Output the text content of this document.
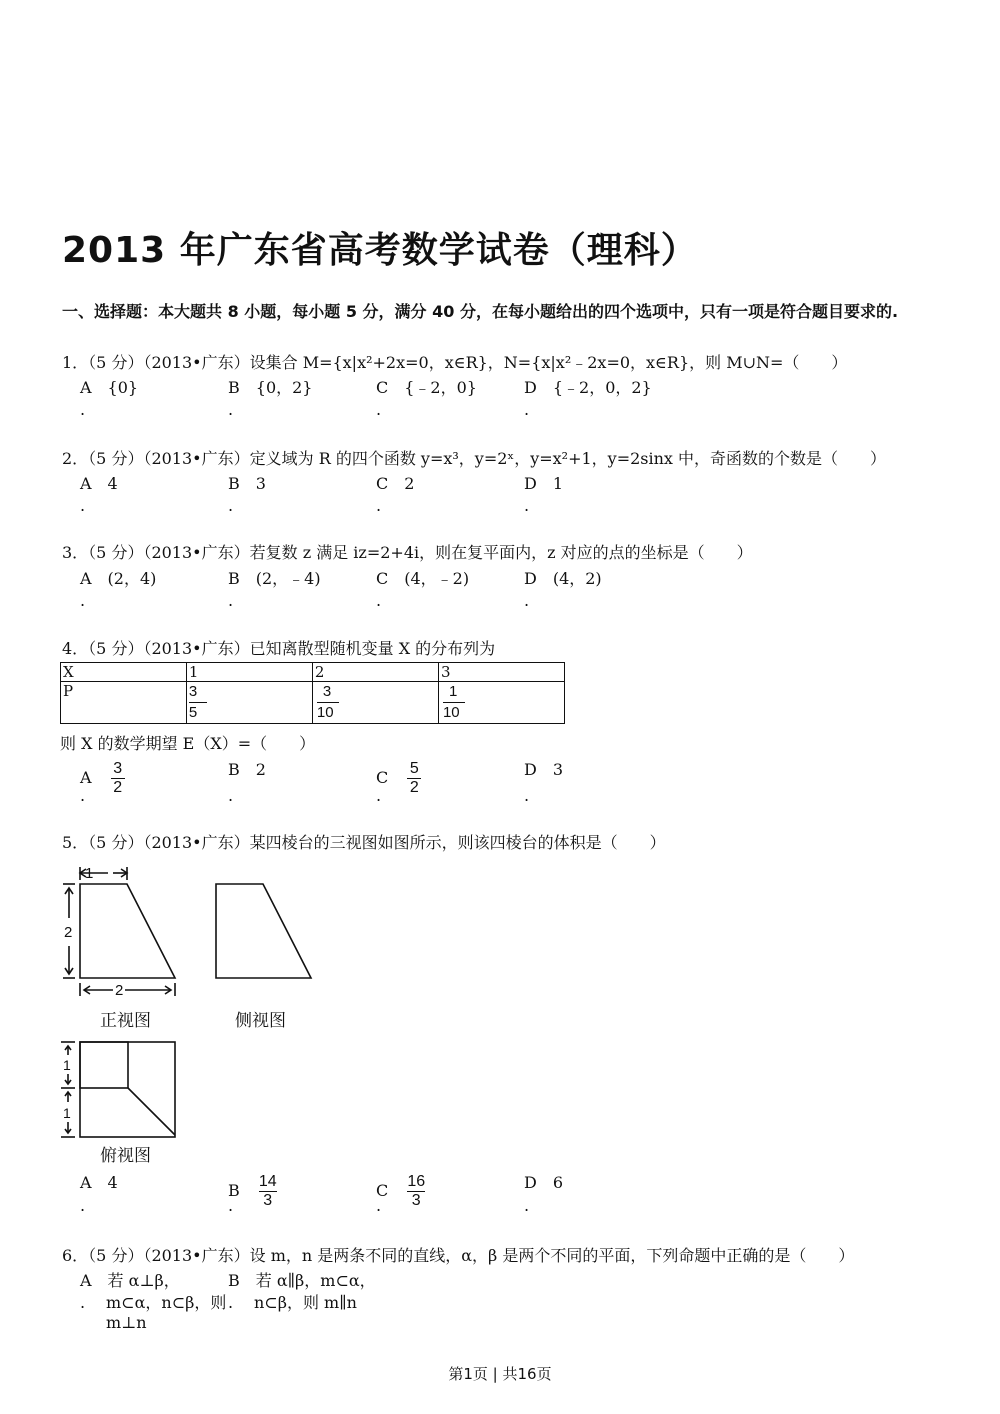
2013 年广东省高考数学试卷（理科）

一、选择题：本大题共 8 小题，每小题 5 分，满分 40 分，在每小题给出的四个选项中，只有一项是符合题目要求的.

1．（5 分）（2013•广东）设集合 M={x|x²+2x=0，x∈R}，N={x|x²﹣2x=0，x∈R}，则 M∪N=（　　）
A　{0}	B　{0，2}	C　{﹣2，0}	D　{﹣2，0，2}
.	.	.	.
2．（5 分）（2013•广东）定义域为 R 的四个函数 y=x³，y=2ˣ，y=x²+1，y=2sinx 中，奇函数的个数是（　　）
A　4	B　3	C　2	D　1
.	.	.	.
3．（5 分）（2013•广东）若复数 z 满足 iz=2+4i，则在复平面内，z 对应的点的坐标是（　　）
A　(2，4)	B　(2，﹣4)	C　(4，﹣2)	D　(4，2)
.	.	.	.
4．（5 分）（2013•广东）已知离散型随机变量 X 的分布列为
X	1	2	3
P	$\frac{3}{5}$	$\frac{3}{10}$	$\frac{1}{10}$
则 X 的数学期望 E（X）=（　　）
A $\frac{3}{2}$	B　2	C $\frac{5}{2}$	D　3
.	.	.	.
5．（5 分）（2013•广东）某四棱台的三视图如图所示，则该四棱台的体积是（　　）
1
2
2
1
1
正视图	侧视图
俯视图
A　4	B $\frac{14}{3}$	C $\frac{16}{3}$	D　6
.	.	.	.
6．（5 分）（2013•广东）设 m，n 是两条不同的直线，α，β 是两个不同的平面，下列命题中正确的是（　　）
A　若 α⊥β，
. m⊂α，n⊂β，则
m⊥n
B　若 α∥β，m⊂α，
. n⊂β，则 m∥n
第1页 | 共16页
